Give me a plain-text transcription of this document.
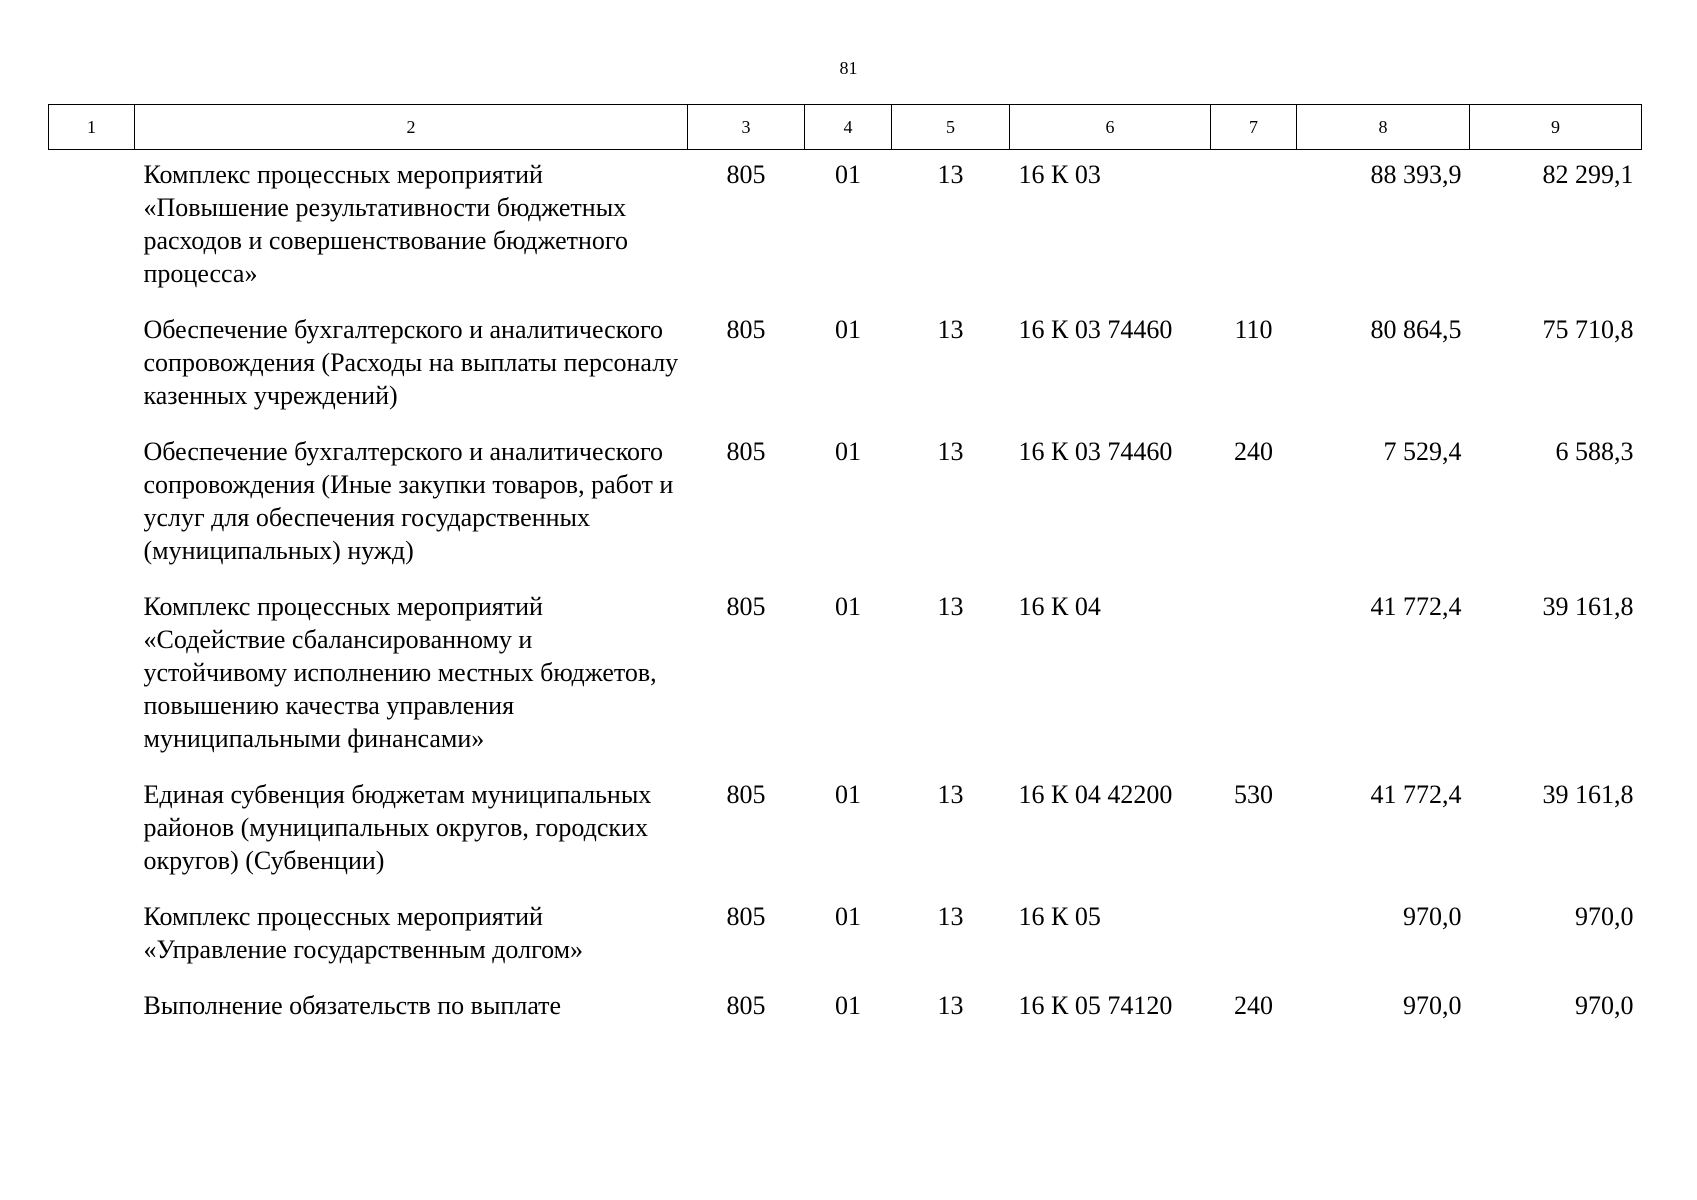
81
1	2	3	4	5	6	7	8	9
	Комплекс процессных мероприятий «Повышение результативности бюджетных расходов и совершенствование бюджетного процесса»	805	01	13	16 К 03		88 393,9	82 299,1
	Обеспечение бухгалтерского и аналитического сопровождения (Расходы на выплаты персоналу казенных учреждений)	805	01	13	16 К 03 74460	110	80 864,5	75 710,8
	Обеспечение бухгалтерского и аналитического сопровождения (Иные закупки товаров, работ и услуг для обеспечения государственных (муниципальных) нужд)	805	01	13	16 К 03 74460	240	7 529,4	6 588,3
	Комплекс процессных мероприятий «Содействие сбалансированному и устойчивому исполнению местных бюджетов, повышению качества управления муниципальными финансами»	805	01	13	16 К 04		41 772,4	39 161,8
	Единая субвенция бюджетам муниципальных районов (муниципальных округов, городских округов) (Субвенции)	805	01	13	16 К 04 42200	530	41 772,4	39 161,8
	Комплекс процессных мероприятий «Управление государственным долгом»	805	01	13	16 К 05		970,0	970,0
	Выполнение обязательств по выплате	805	01	13	16 К 05 74120	240	970,0	970,0
